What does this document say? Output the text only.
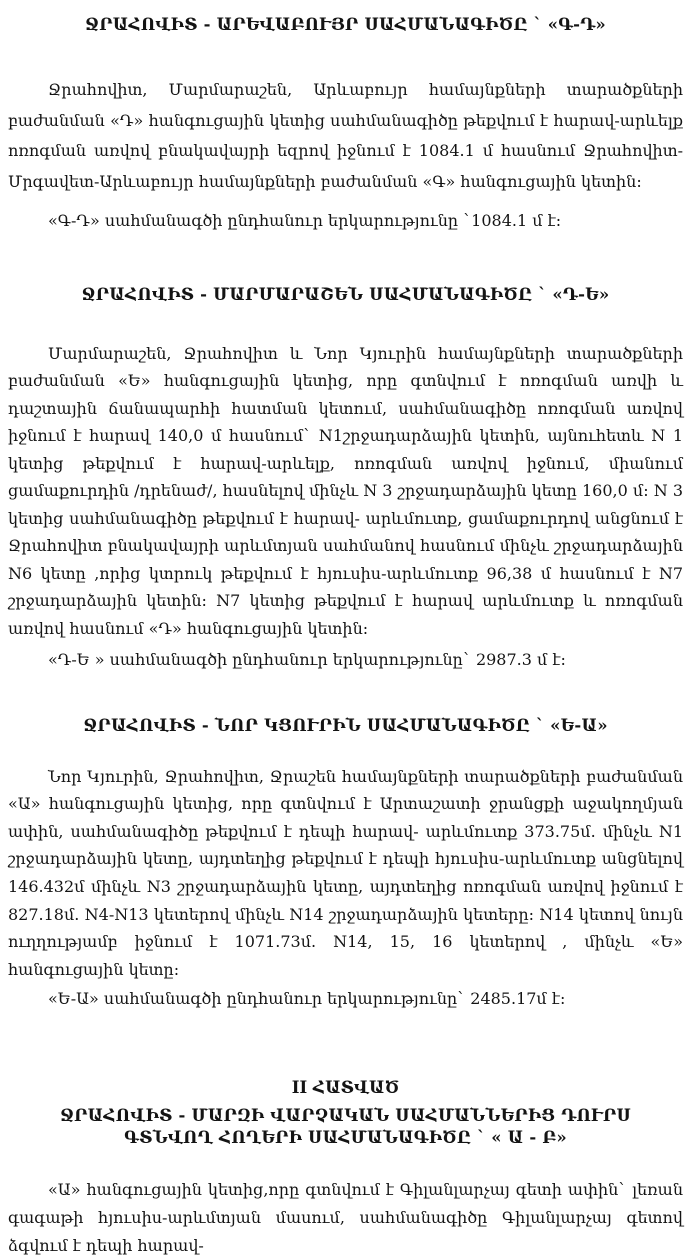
ՋՐԱՀՈՎԻՏ - ԱՐԵՎԱԲՈՒՅՐ ՍԱՀՄԱՆԱԳԻԾԸ ` «Գ-Դ»

Ջրահովիտ, Մարմարաշեն, Արևաբույր համայնքների տարածքների բաժանման «Դ» հանգուցային կետից սահմանագիծը թեքվում է հարավ-արևելք ոռոգման առվով բնակավայրի եզրով իջնում է 1084.1 մ հասնում Ջրահովիտ-Մրգավետ-Արևաբույր համայնքների բաժանման «Գ» հանգուցային կետին:

«Գ-Դ» սահմանագծի ընդհանուր երկարությունը `1084.1 մ է:

ՋՐԱՀՈՎԻՏ - ՄԱՐՄԱՐԱՇԵՆ ՍԱՀՄԱՆԱԳԻԾԸ ` «Դ-Ե»

Մարմարաշեն, Ջրահովիտ և Նոր Կյուրին համայնքների տարածքների բաժանման «Ե» հանգուցային կետից, որը գտնվում է ոռոգման առվի և դաշտային ճանապարհի հատման կետում, սահմանագիծը ոռոգման առվով իջնում է հարավ 140,0 մ հասնում` N1շրջադարձային կետին, այնուհետև N 1 կետից թեքվում է հարավ-արևելք, ոռոգման առվով իջնում, միանում ցամաքուրդին /դրենաժ/, հասնելով մինչև N 3 շրջադարձային կետը 160,0 մ: N 3 կետից սահմանագիծը թեքվում է հարավ- արևմուտք, ցամաքուրդով անցնում է Ջրահովիտ բնակավայրի արևմտյան սահմանով հասնում մինչև շրջադարձային N6 կետը ,որից կտրուկ թեքվում է հյուսիս-արևմուտք 96,38 մ հասնում է N7 շրջադարձային կետին: N7 կետից թեքվում է հարավ արևմուտք և ոռոգման առվով հասնում «Դ» հանգուցային կետին:

«Դ-Ե » սահմանագծի ընդհանուր երկարությունը` 2987.3 մ է:

ՋՐԱՀՈՎԻՏ - ՆՈՐ ԿՑՈՒՐԻՆ ՍԱՀՄԱՆԱԳԻԾԸ ` «Ե-Ա»

Նոր Կյուրին, Ջրահովիտ, Ջրաշեն համայնքների տարածքների բաժանման «Ա» հանգուցային կետից, որը գտնվում է Արտաշատի ջրանցքի աջակողմյան ափին, սահմանագիծը թեքվում է դեպի հարավ- արևմուտք 373.75մ. մինչև N1 շրջադարձային կետը, այդտեղից թեքվում է դեպի հյուսիս-արևմուտք անցնելով 146.432մ մինչև N3 շրջադարձային կետը, այդտեղից ոռոգման առվով իջնում է 827.18մ. N4-N13 կետերով մինչև N14 շրջադարձային կետերը: N14 կետով նույն ուղղությամբ իջնում է 1071.73մ. N14, 15, 16 կետերով , մինչև «Ե» հանգուցային կետը:

«Ե-Ա» սահմանագծի ընդհանուր երկարությունը` 2485.17մ է:

II ՀԱՏՎԱԾ
ՋՐԱՀՈՎԻՏ - ՄԱՐԶԻ ՎԱՐՉԱԿԱՆ ՍԱՀՄԱՆՆԵՐԻՑ ԴՈՒՐՍ ԳՏՆՎՈՂ ՀՈՂԵՐԻ ՍԱՀՄԱՆԱԳԻԾԸ ` « Ա - Բ»

«Ա» հանգուցային կետից,որը գտնվում է Գիլանլարչայ գետի ափին` լեռան գագաթի հյուսիս-արևմտյան մասում, սահմանագիծը Գիլանլարչայ գետով ձգվում է դեպի հարավ-
